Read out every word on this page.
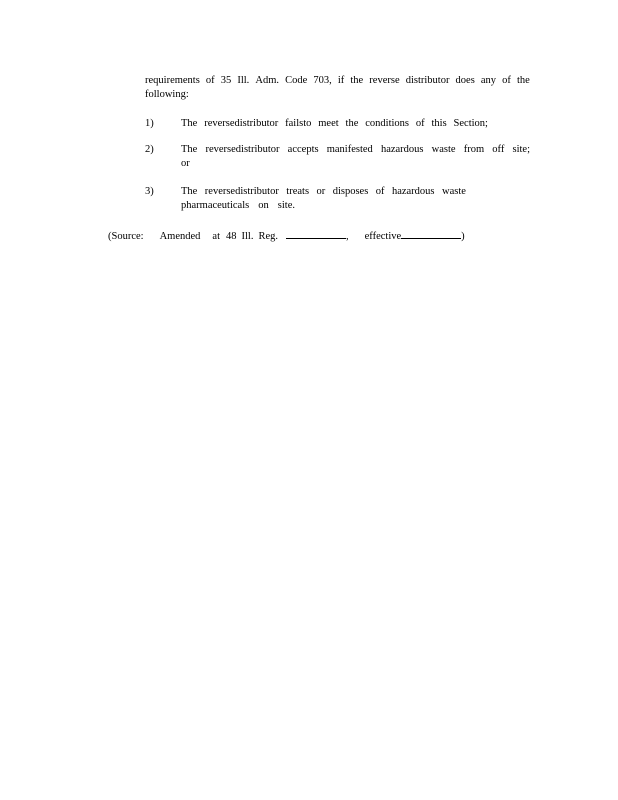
requirements of 35 Ill. Adm. Code 703, if the reverse distributor does any of the
following:
1)	The reversedistributor failsto meet the conditions of this Section;
2)	The reversedistributor accepts manifested hazardous waste from off site;
or
3)	The reversedistributor treats or disposes of hazardous waste
pharmaceuticals on site.
(Source: Amended at 48 Ill. Reg.	, effective	)
